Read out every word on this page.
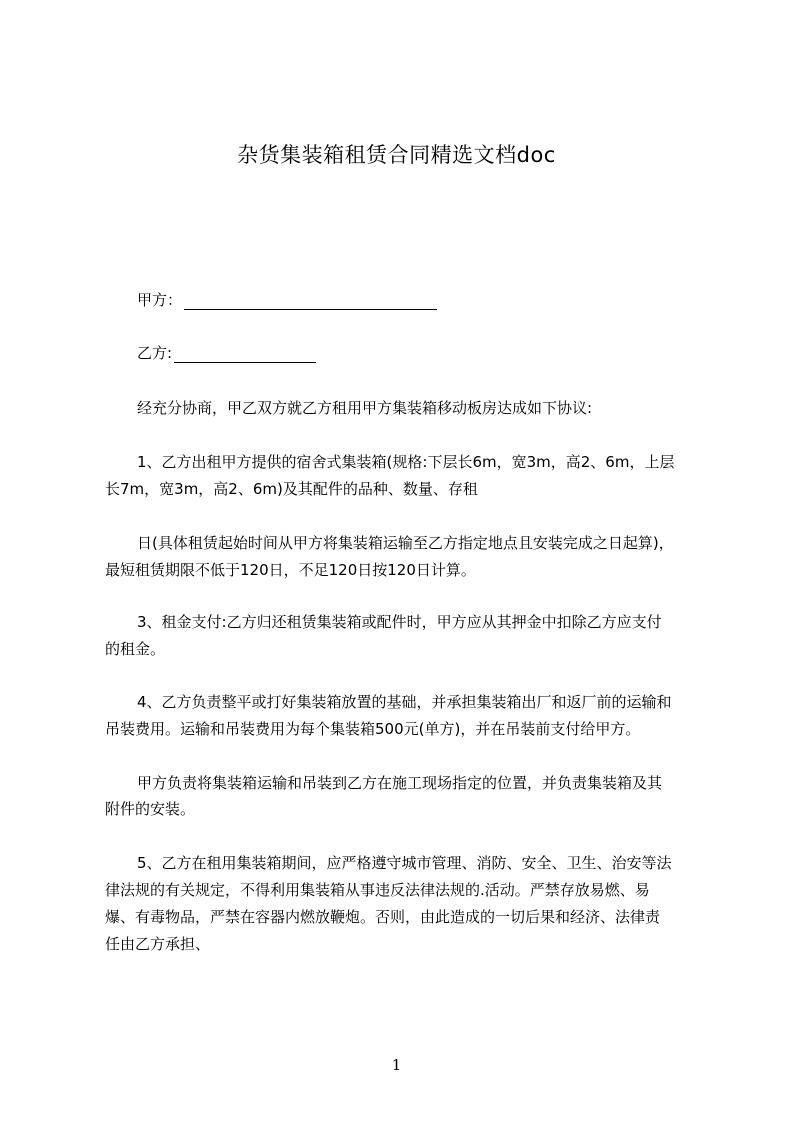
杂货集装箱租赁合同精选文档doc
甲方：
乙方:
经充分协商，甲乙双方就乙方租用甲方集装箱移动板房达成如下协议:
1、乙方出租甲方提供的宿舍式集装箱(规格:下层长6m，宽3m，高2、6m，上层
长7m，宽3m，高2、6m)及其配件的品种、数量、存租
日(具体租赁起始时间从甲方将集装箱运输至乙方指定地点且安装完成之日起算)，
最短租赁期限不低于120日，不足120日按120日计算。
3、租金支付:乙方归还租赁集装箱或配件时，甲方应从其押金中扣除乙方应支付
的租金。
4、乙方负责整平或打好集装箱放置的基础，并承担集装箱出厂和返厂前的运输和
吊装费用。运输和吊装费用为每个集装箱500元(单方)，并在吊装前支付给甲方。
甲方负责将集装箱运输和吊装到乙方在施工现场指定的位置，并负责集装箱及其
附件的安装。
5、乙方在租用集装箱期间，应严格遵守城市管理、消防、安全、卫生、治安等法
律法规的有关规定，不得利用集装箱从事违反法律法规的.活动。严禁存放易燃、易
爆、有毒物品，严禁在容器内燃放鞭炮。否则，由此造成的一切后果和经济、法律责
任由乙方承担、
1
